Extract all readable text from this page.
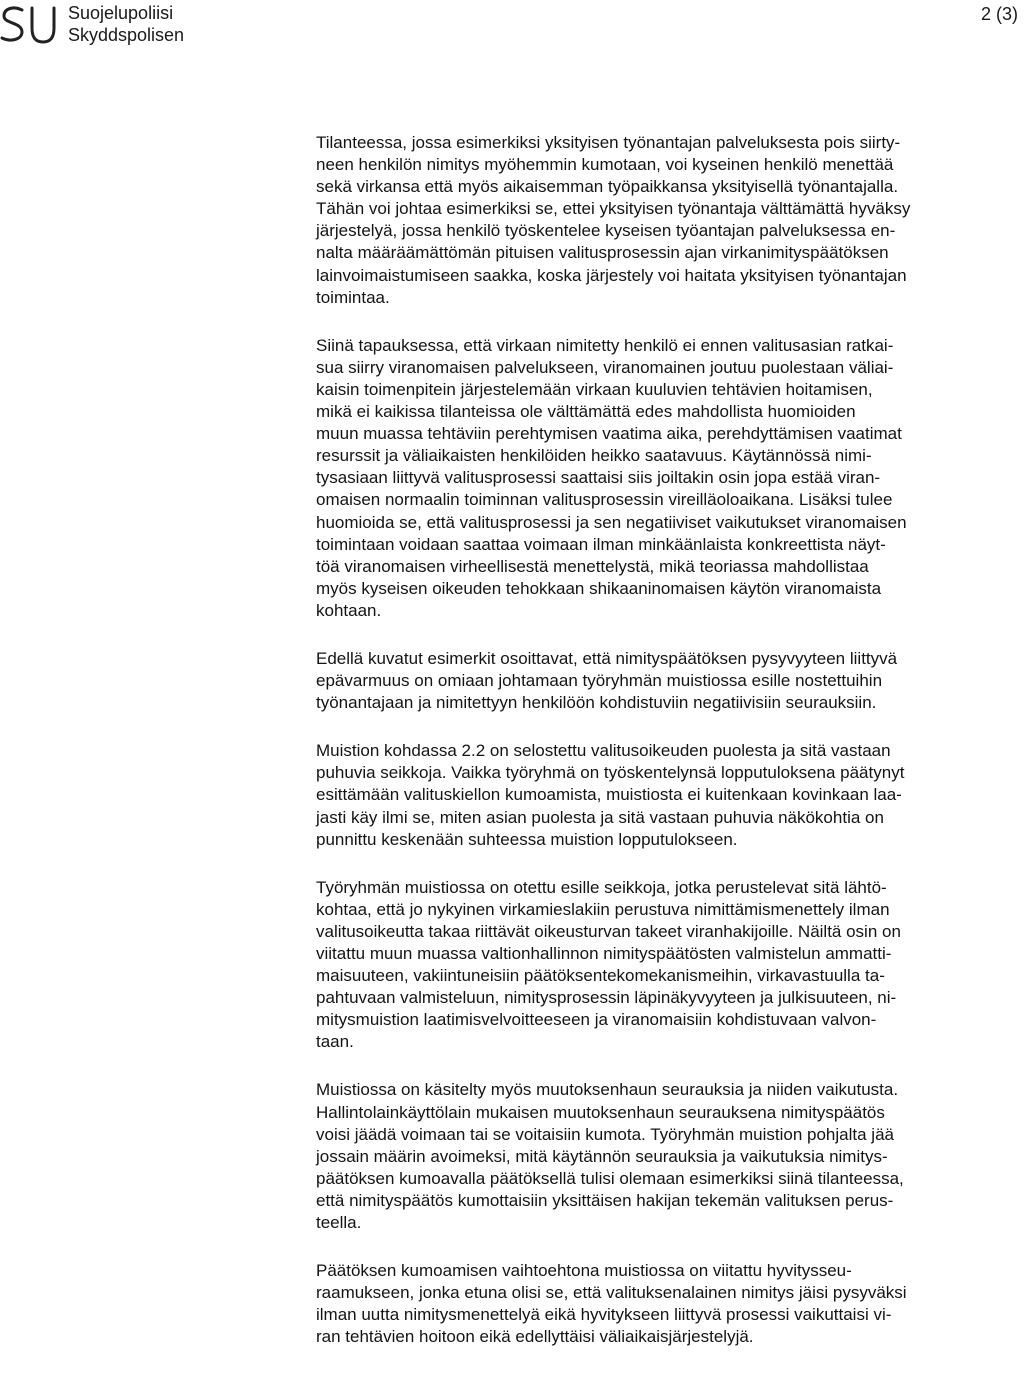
Suojelupoliisi
Skyddspolisen
2 (3)

Tilanteessa, jossa esimerkiksi yksityisen työnantajan palveluksesta pois siirty-
neen henkilön nimitys myöhemmin kumotaan, voi kyseinen henkilö menettää
sekä virkansa että myös aikaisemman työpaikkansa yksityisellä työnantajalla.
Tähän voi johtaa esimerkiksi se, ettei yksityisen työnantaja välttämättä hyväksy
järjestelyä, jossa henkilö työskentelee kyseisen työantajan palveluksessa en-
nalta määräämättömän pituisen valitusprosessin ajan virkanimityspäätöksen
lainvoimaistumiseen saakka, koska järjestely voi haitata yksityisen työnantajan
toimintaa.

Siinä tapauksessa, että virkaan nimitetty henkilö ei ennen valitusasian ratkai-
sua siirry viranomaisen palvelukseen, viranomainen joutuu puolestaan väliai-
kaisin toimenpitein järjestelemään virkaan kuuluvien tehtävien hoitamisen,
mikä ei kaikissa tilanteissa ole välttämättä edes mahdollista huomioiden
muun muassa tehtäviin perehtymisen vaatima aika, perehdyttämisen vaatimat
resurssit ja väliaikaisten henkilöiden heikko saatavuus. Käytännössä nimi-
tysasiaan liittyvä valitusprosessi saattaisi siis joiltakin osin jopa estää viran-
omaisen normaalin toiminnan valitusprosessin vireilläoloaikana. Lisäksi tulee
huomioida se, että valitusprosessi ja sen negatiiviset vaikutukset viranomaisen
toimintaan voidaan saattaa voimaan ilman minkäänlaista konkreettista näyt-
töä viranomaisen virheellisestä menettelystä, mikä teoriassa mahdollistaa
myös kyseisen oikeuden tehokkaan shikaaninomaisen käytön viranomaista
kohtaan.

Edellä kuvatut esimerkit osoittavat, että nimityspäätöksen pysyvyyteen liittyvä
epävarmuus on omiaan johtamaan työryhmän muistiossa esille nostettuihin
työnantajaan ja nimitettyyn henkilöön kohdistuviin negatiivisiin seurauksiin.

Muistion kohdassa 2.2 on selostettu valitusoikeuden puolesta ja sitä vastaan
puhuvia seikkoja. Vaikka työryhmä on työskentelynsä lopputuloksena päätynyt
esittämään valituskiellon kumoamista, muistiosta ei kuitenkaan kovinkaan laa-
jasti käy ilmi se, miten asian puolesta ja sitä vastaan puhuvia näkökohtia on
punnittu keskenään suhteessa muistion lopputulokseen.

Työryhmän muistiossa on otettu esille seikkoja, jotka perustelevat sitä lähtö-
kohtaa, että jo nykyinen virkamieslakiin perustuva nimittämismenettely ilman
valitusoikeutta takaa riittävät oikeusturvan takeet viranhakijoille. Näiltä osin on
viitattu muun muassa valtionhallinnon nimityspäätösten valmistelun ammatti-
maisuuteen, vakiintuneisiin päätöksentekomekanismeihin, virkavastuulla ta-
pahtuvaan valmisteluun, nimitysprosessin läpinäkyvyyteen ja julkisuuteen, ni-
mitysmuistion laatimisvelvoitteeseen ja viranomaisiin kohdistuvaan valvon-
taan.

Muistiossa on käsitelty myös muutoksenhaun seurauksia ja niiden vaikutusta.
Hallintolainkäyttölain mukaisen muutoksenhaun seurauksena nimityspäätös
voisi jäädä voimaan tai se voitaisiin kumota. Työryhmän muistion pohjalta jää
jossain määrin avoimeksi, mitä käytännön seurauksia ja vaikutuksia nimitys-
päätöksen kumoavalla päätöksellä tulisi olemaan esimerkiksi siinä tilanteessa,
että nimityspäätös kumottaisiin yksittäisen hakijan tekemän valituksen perus-
teella.

Päätöksen kumoamisen vaihtoehtona muistiossa on viitattu hyvitysseu-
raamukseen, jonka etuna olisi se, että valituksenalainen nimitys jäisi pysyväksi
ilman uutta nimitysmenettelyä eikä hyvitykseen liittyvä prosessi vaikuttaisi vi-
ran tehtävien hoitoon eikä edellyttäisi väliaikaisjärjestelyjä.
